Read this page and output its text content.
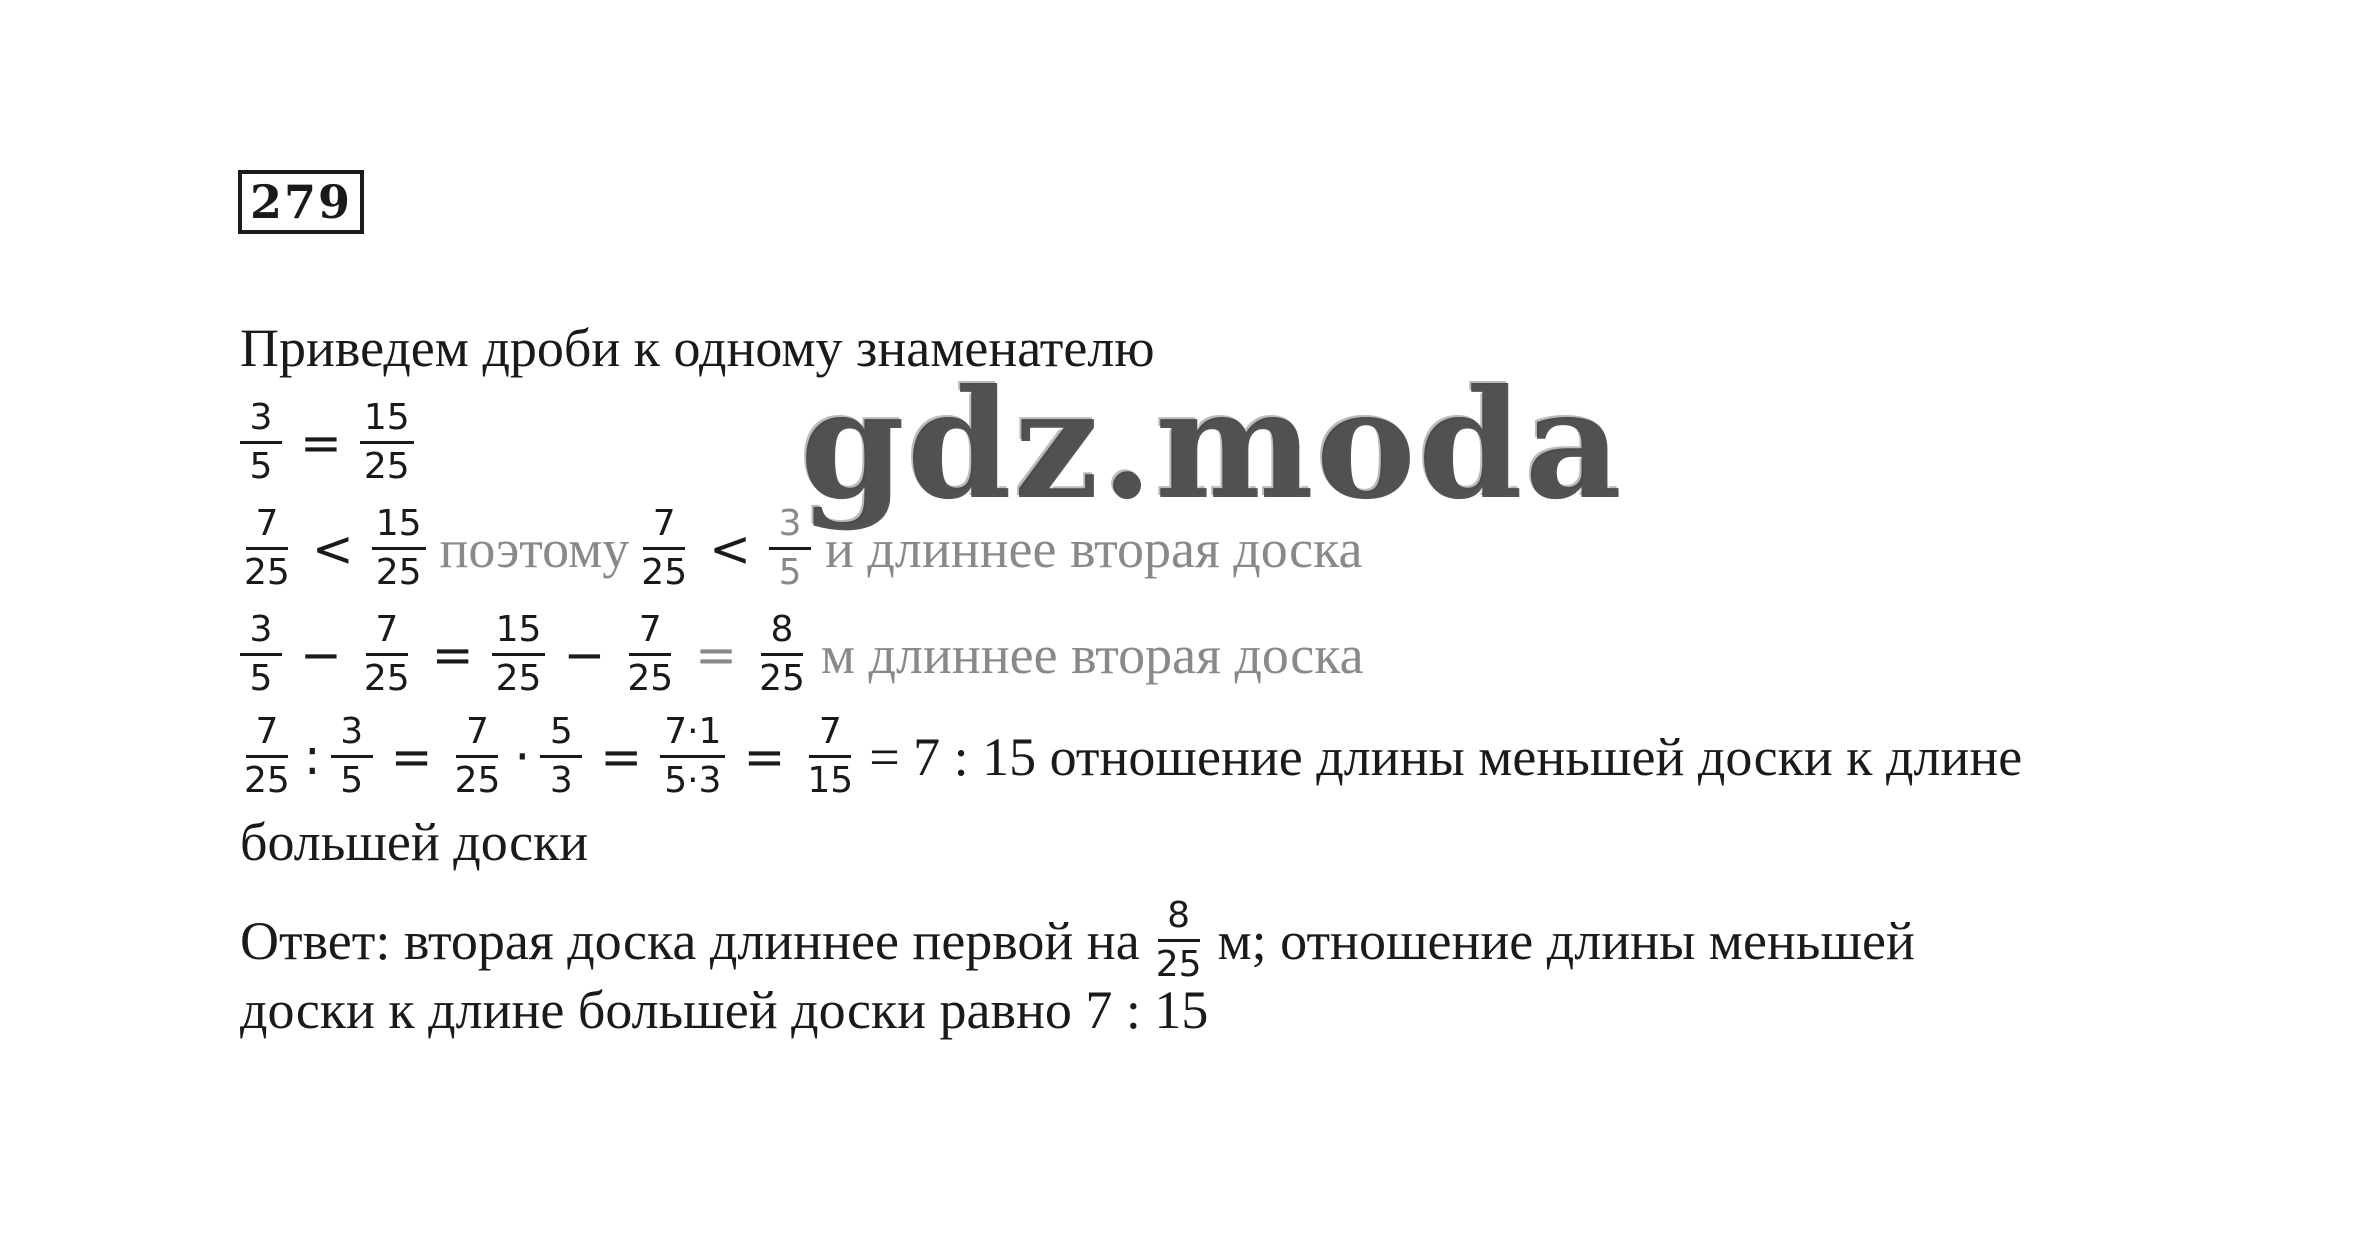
279
Приведем дроби к одному знаменателю
$\frac{3}{5} = \frac{15}{25}$
$\frac{7}{25} < \frac{15}{25}$ поэтому $\frac{7}{25} < \frac{3}{5}$ и длиннее вторая доска
$\frac{3}{5} - \frac{7}{25} = \frac{15}{25} - \frac{7}{25} = \frac{8}{25}$ м длиннее вторая доска
$\frac{7}{25}$ : $\frac{3}{5} = \frac{7}{25} \cdot \frac{5}{3} = \frac{7\cdot 1}{5\cdot 3} = \frac{7}{15} = 7$ : 15 отношение длины меньшей доски к длине
большей доски
Ответ: вторая доска длиннее первой на $\frac{8}{25} м$; отношение длины меньшей
доски к длине большей доски равно 7 : 15
gdz.moda
